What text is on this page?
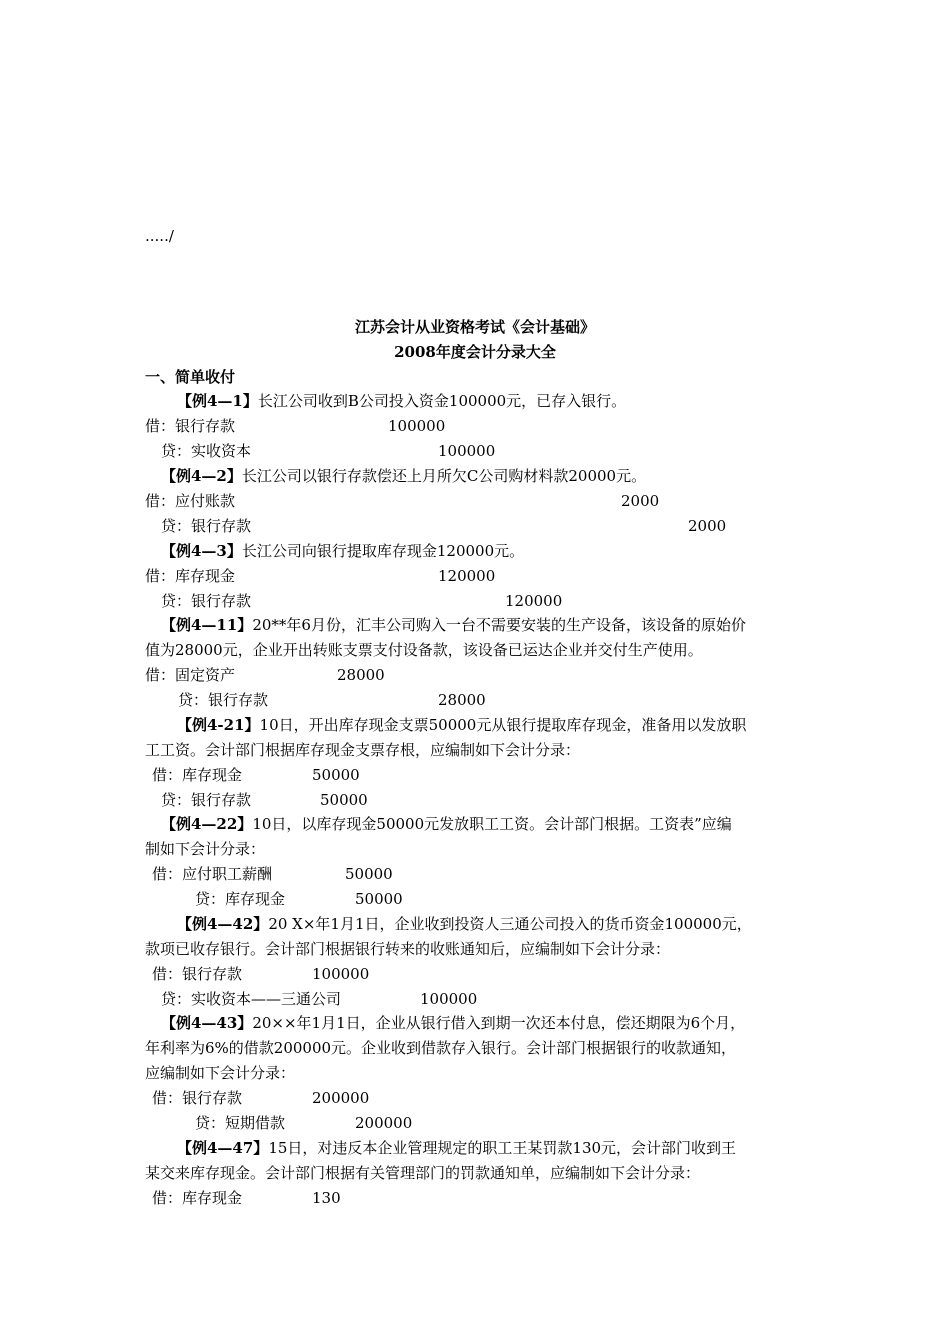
...../
江苏会计从业资格考试《会计基础》
2008年度会计分录大全
一、简单收付
【例4—1】长江公司收到B公司投入资金100000元，已存入银行。
借：银行存款	100000
贷：实收资本	100000
【例4—2】长江公司以银行存款偿还上月所欠C公司购材料款20000元。
借：应付账款	2000
贷：银行存款	2000
【例4—3】长江公司向银行提取库存现金120000元。
借：库存现金	120000
贷：银行存款	120000
【例4—11】20**年6月份，汇丰公司购入一台不需要安装的生产设备，该设备的原始价
值为28000元，企业开出转账支票支付设备款，该设备已运达企业并交付生产使用。
借：固定资产	28000
贷：银行存款	28000
【例4-21】10日，开出库存现金支票50000元从银行提取库存现金，准备用以发放职
工工资。会计部门根据库存现金支票存根，应编制如下会计分录：
借：库存现金	50000
贷：银行存款	50000
【例4—22】10日，以库存现金50000元发放职工工资。会计部门根据。工资表”应编
制如下会计分录：
借：应付职工薪酬	50000
贷：库存现金	50000
【例4—42】20 X×年1月1日，企业收到投资人三通公司投入的货币资金100000元，
款项已收存银行。会计部门根据银行转来的收账通知后，应编制如下会计分录：
借：银行存款	100000
贷：实收资本——三通公司	100000
【例4—43】20××年1月1日，企业从银行借入到期一次还本付息，偿还期限为6个月，
年利率为6%的借款200000元。企业收到借款存入银行。会计部门根据银行的收款通知，
应编制如下会计分录：
借：银行存款	200000
贷：短期借款	200000
【例4—47】15日，对违反本企业管理规定的职工王某罚款130元，会计部门收到王
某交来库存现金。会计部门根据有关管理部门的罚款通知单，应编制如下会计分录：
借：库存现金	130
